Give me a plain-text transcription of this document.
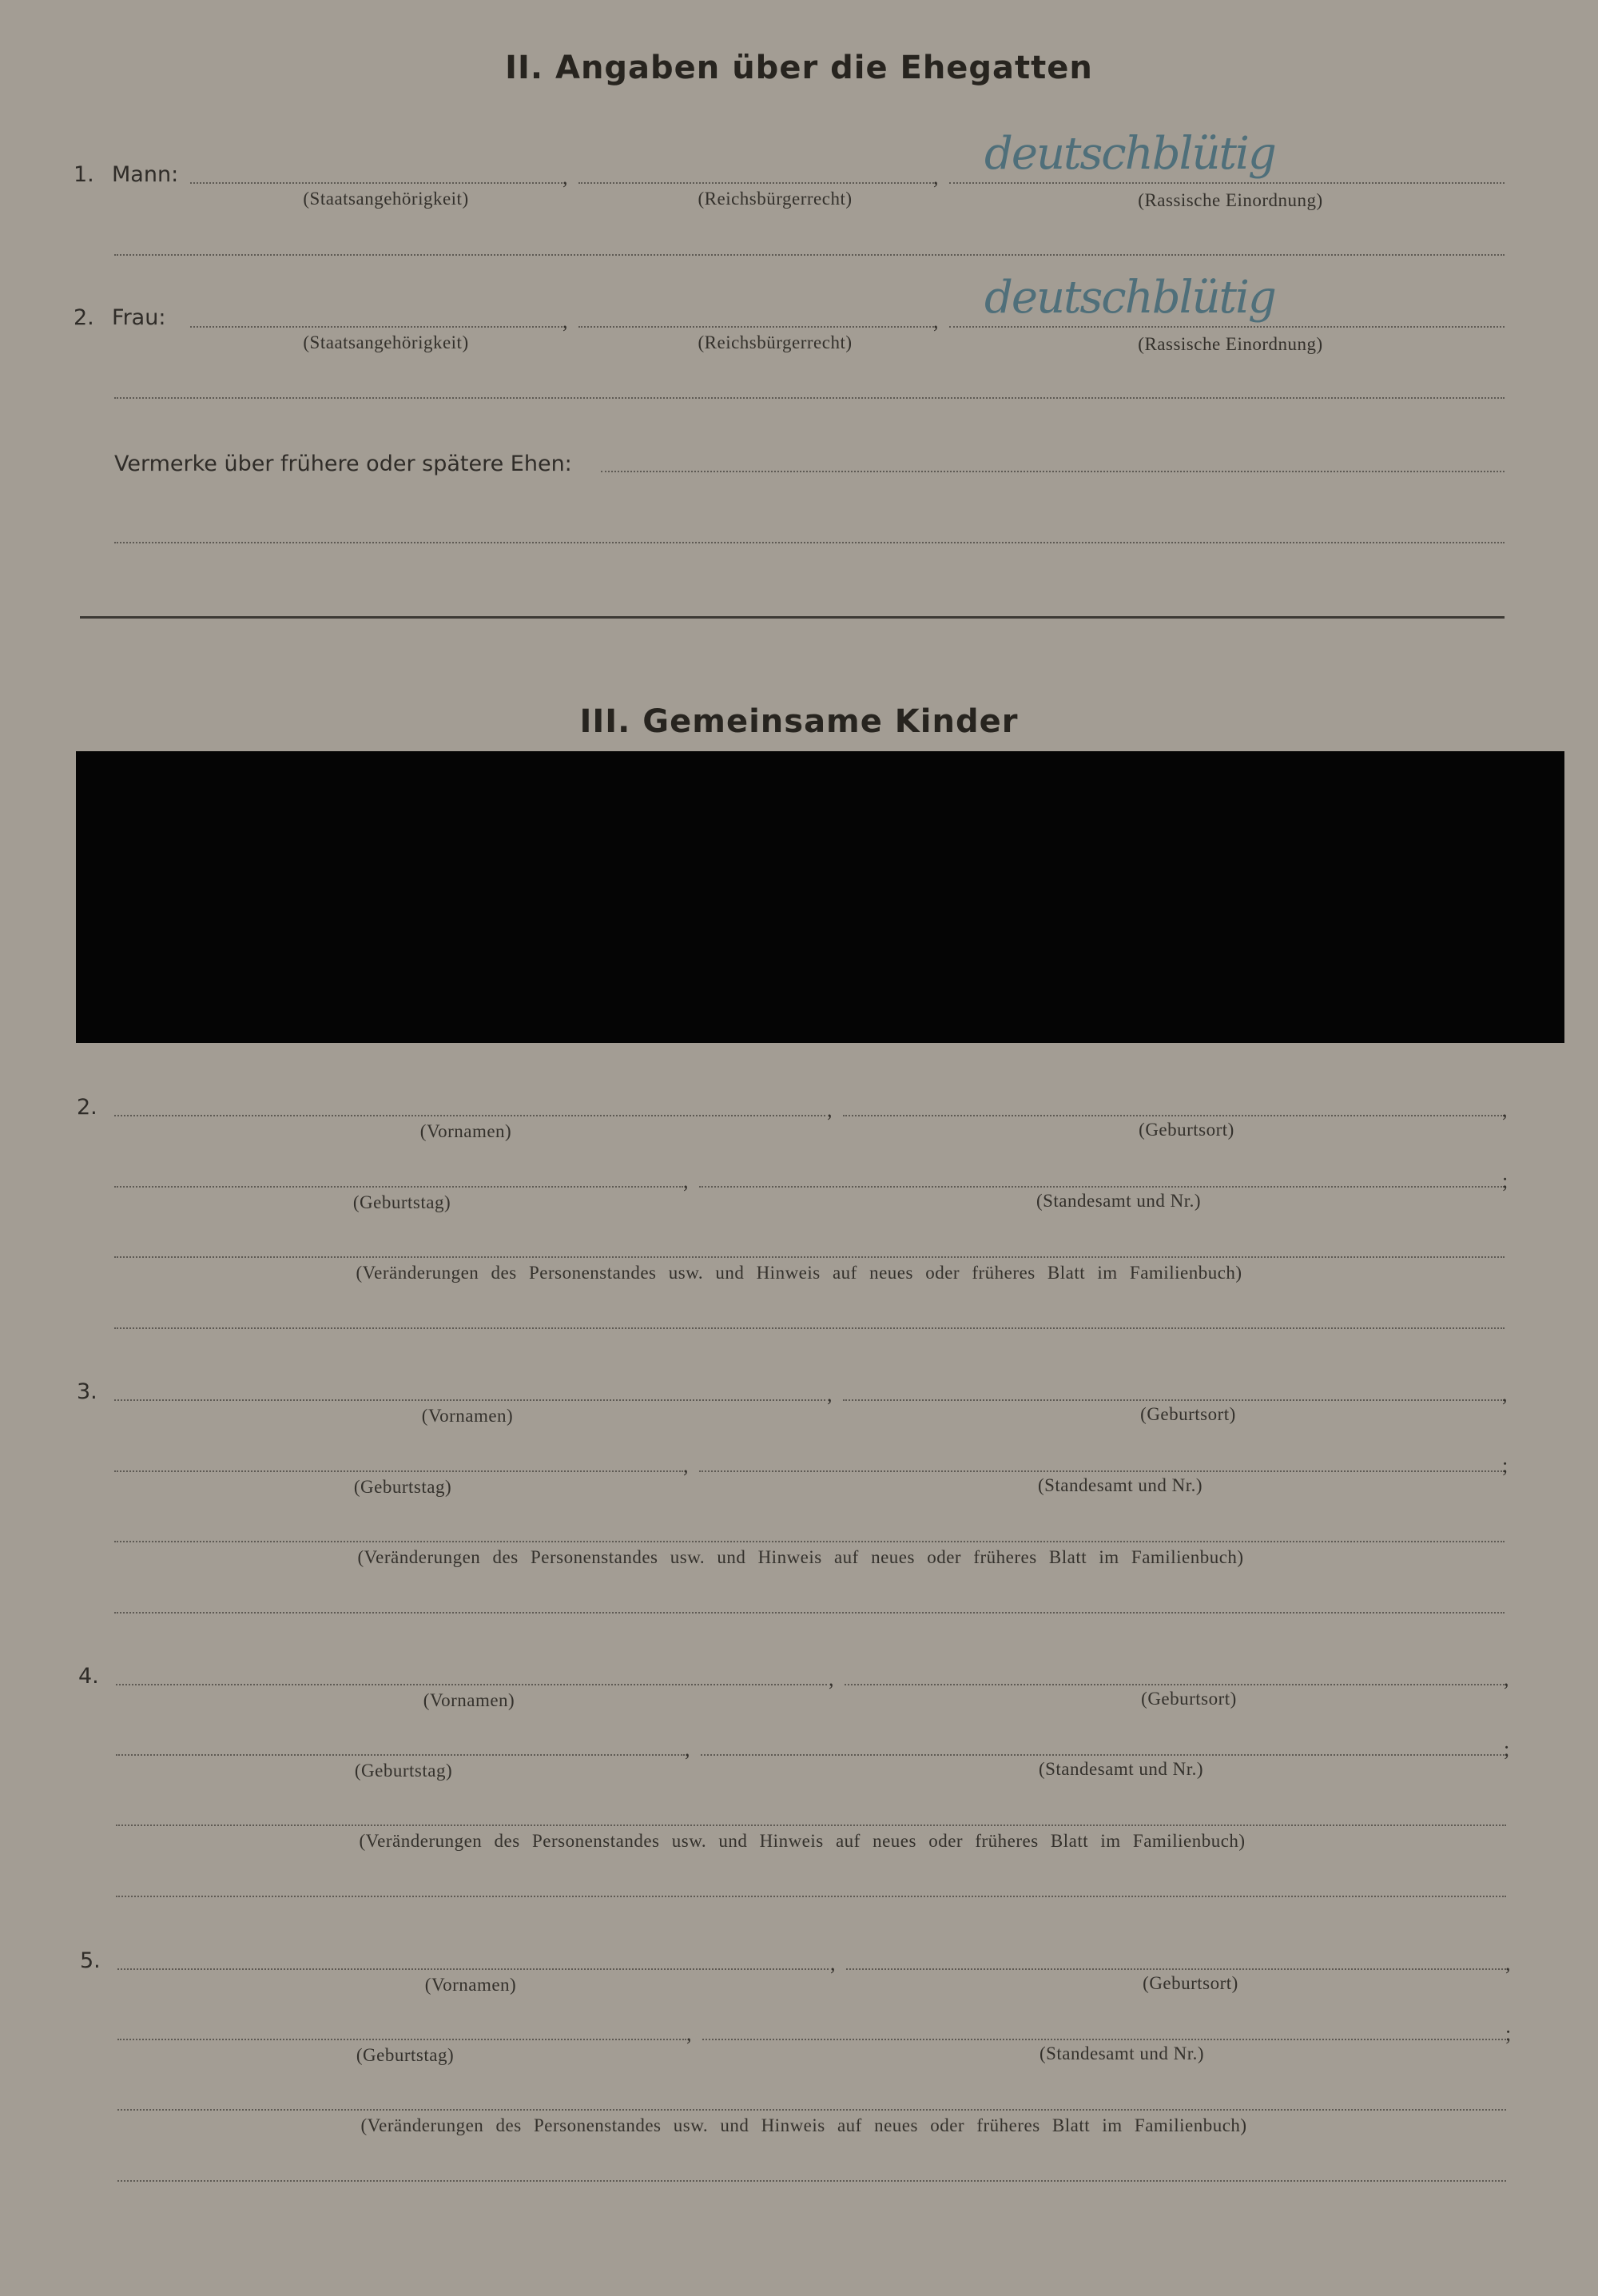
II. Angaben über die Ehegatten
1. Mann:	,	, deutschblütig
(Staatsangehörigkeit)	(Reichsbürgerrecht)	(Rassische Einordnung)
2. Frau:	,	, deutschblütig
(Staatsangehörigkeit)	(Reichsbürgerrecht)	(Rassische Einordnung)
Vermerke über frühere oder spätere Ehen:
III. Gemeinsame Kinder
2.	,	,
(Vornamen)	(Geburtsort)
,	;
(Geburtstag)	(Standesamt und Nr.)
(Veränderungen des Personenstandes usw. und Hinweis auf neues oder früheres Blatt im Familienbuch)
3.	,	,
(Vornamen)	(Geburtsort)
,	;
(Geburtstag)	(Standesamt und Nr.)
(Veränderungen des Personenstandes usw. und Hinweis auf neues oder früheres Blatt im Familienbuch)
4.	,	,
(Vornamen)	(Geburtsort)
,	;
(Geburtstag)	(Standesamt und Nr.)
(Veränderungen des Personenstandes usw. und Hinweis auf neues oder früheres Blatt im Familienbuch)
5.	,	,
(Vornamen)	(Geburtsort)
,	;
(Geburtstag)	(Standesamt und Nr.)
(Veränderungen des Personenstandes usw. und Hinweis auf neues oder früheres Blatt im Familienbuch)
